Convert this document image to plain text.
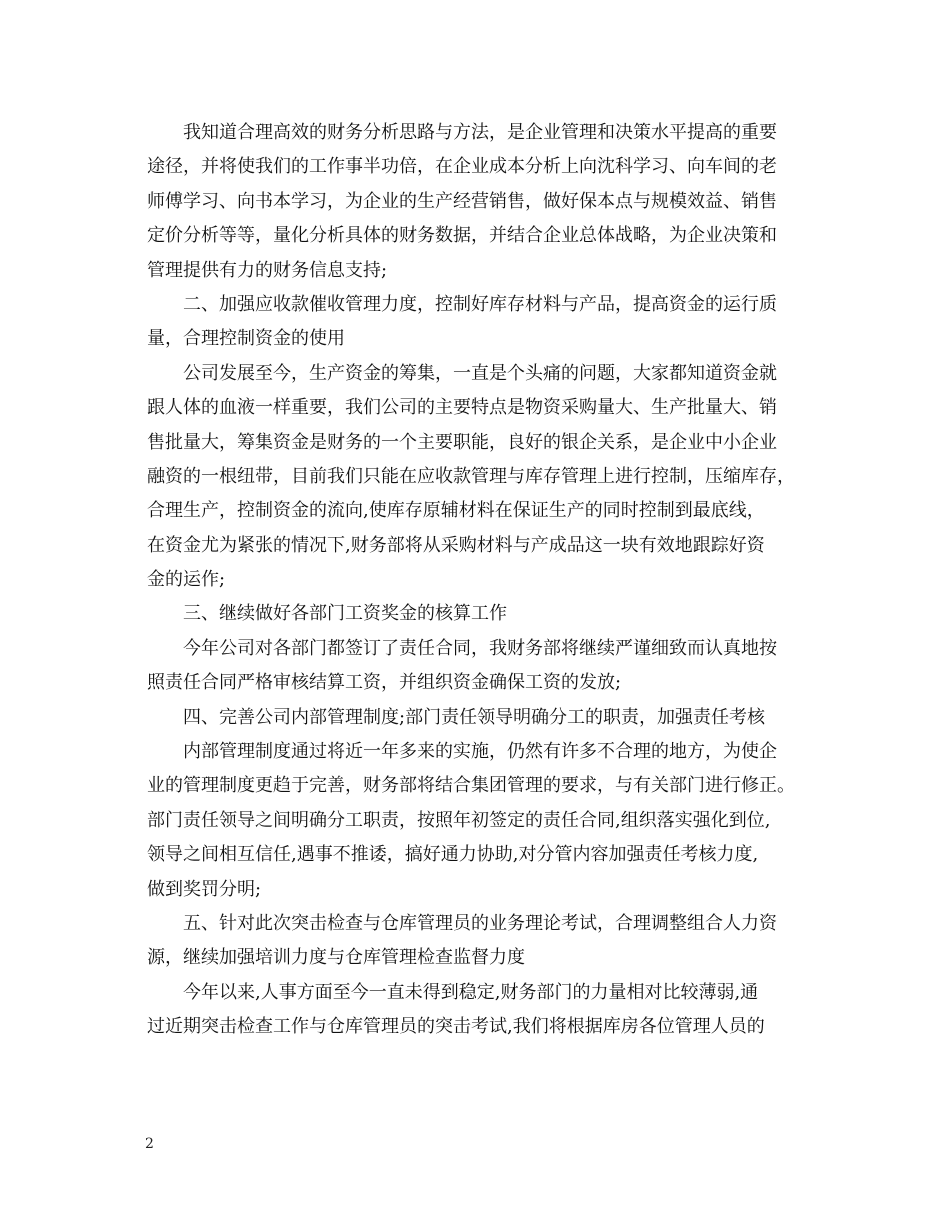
我知道合理高效的财务分析思路与方法，是企业管理和决策水平提高的重要
途径，并将使我们的工作事半功倍，在企业成本分析上向沈科学习、向车间的老
师傅学习、向书本学习，为企业的生产经营销售，做好保本点与规模效益、销售
定价分析等等，量化分析具体的财务数据，并结合企业总体战略，为企业决策和
管理提供有力的财务信息支持;

二、加强应收款催收管理力度，控制好库存材料与产品，提高资金的运行质
量，合理控制资金的使用

公司发展至今，生产资金的筹集，一直是个头痛的问题，大家都知道资金就
跟人体的血液一样重要，我们公司的主要特点是物资采购量大、生产批量大、销
售批量大，筹集资金是财务的一个主要职能，良好的银企关系，是企业中小企业
融资的一根纽带，目前我们只能在应收款管理与库存管理上进行控制，压缩库存，
合理生产，控制资金的流向,使库存原辅材料在保证生产的同时控制到最底线，
在资金尤为紧张的情况下,财务部将从采购材料与产成品这一块有效地跟踪好资
金的运作;

三、继续做好各部门工资奖金的核算工作

今年公司对各部门都签订了责任合同，我财务部将继续严谨细致而认真地按
照责任合同严格审核结算工资，并组织资金确保工资的发放;

四、完善公司内部管理制度;部门责任领导明确分工的职责，加强责任考核

内部管理制度通过将近一年多来的实施，仍然有许多不合理的地方，为使企
业的管理制度更趋于完善，财务部将结合集团管理的要求，与有关部门进行修正。
部门责任领导之间明确分工职责，按照年初签定的责任合同,组织落实强化到位,
领导之间相互信任,遇事不推诿，搞好通力协助,对分管内容加强责任考核力度,
做到奖罚分明;

五、针对此次突击检查与仓库管理员的业务理论考试，合理调整组合人力资
源，继续加强培训力度与仓库管理检查监督力度

今年以来,人事方面至今一直未得到稳定,财务部门的力量相对比较薄弱,通
过近期突击检查工作与仓库管理员的突击考试,我们将根据库房各位管理人员的

2
